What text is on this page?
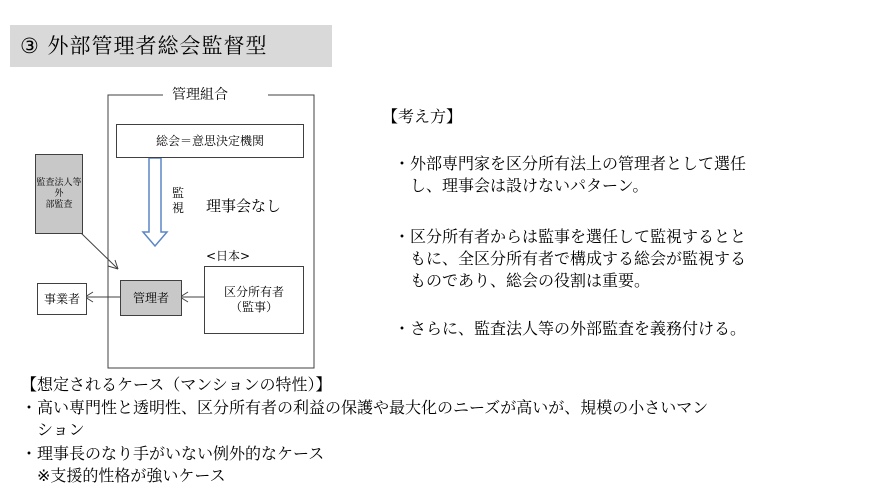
③ 外部管理者総会監督型
管理組合
総会＝意思決定機関
監
視 理事会なし
<日本>
区分所有者
（監事）
管理者
監査法人等外
部監査
事業者
【考え方】
・外部専門家を区分所有法上の管理者として選任
　し、理事会は設けないパターン。
・区分所有者からは監事を選任して監視するとと
　もに、全区分所有者で構成する総会が監視する
　ものであり、総会の役割は重要。
・さらに、監査法人等の外部監査を義務付ける。
【想定されるケース（マンションの特性）】
・高い専門性と透明性、区分所有者の利益の保護や最大化のニーズが高いが、規模の小さいマン
　ション
・理事長のなり手がいない例外的なケース
　※支援的性格が強いケース
